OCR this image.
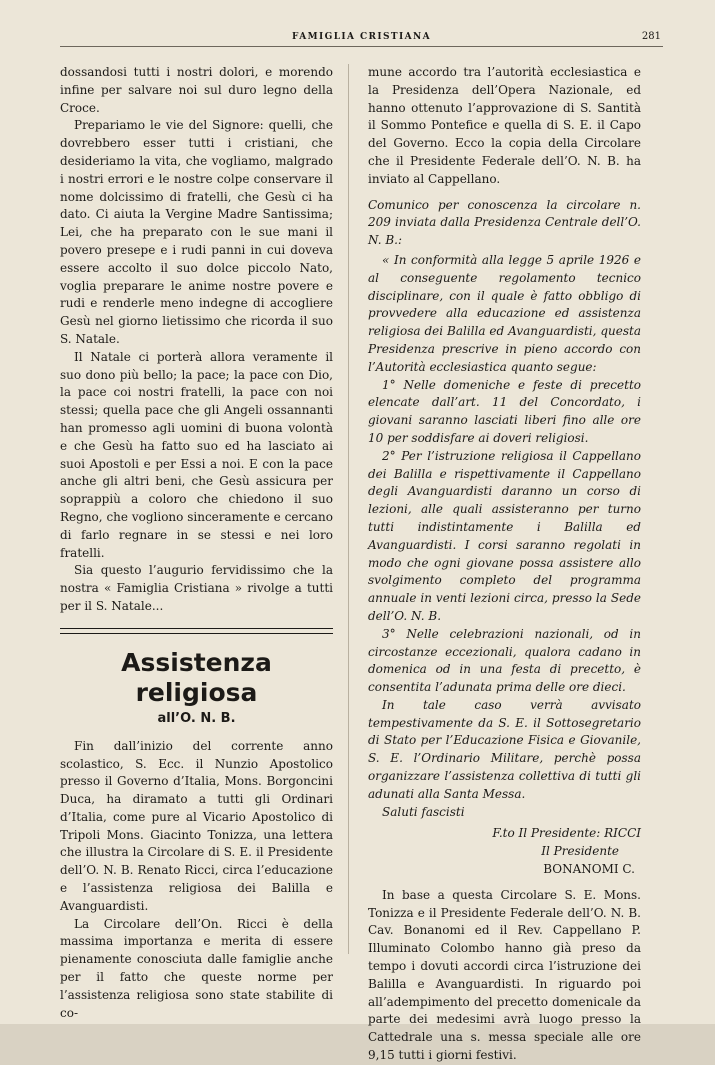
FAMIGLIA CRISTIANA	281

dossandosi tutti i nostri dolori, e morendo infine per salvare noi sul duro legno della Croce.

Prepariamo le vie del Signore: quelli, che dovrebbero esser tutti i cristiani, che desideriamo la vita, che vogliamo, malgrado i nostri errori e le nostre colpe conservare il nome dolcissimo di fratelli, che Gesù ci ha dato. Ci aiuta la Vergine Madre Santissima; Lei, che ha preparato con le sue mani il povero presepe e i rudi panni in cui doveva essere accolto il suo dolce piccolo Nato, voglia preparare le anime nostre povere e rudi e renderle meno indegne di accogliere Gesù nel giorno lietissimo che ricorda il suo S. Natale.

Il Natale ci porterà allora veramente il suo dono più bello; la pace; la pace con Dio, la pace coi nostri fratelli, la pace con noi stessi; quella pace che gli Angeli ossannanti han promesso agli uomini di buona volontà e che Gesù ha fatto suo ed ha lasciato ai suoi Apostoli e per Essi a noi. E con la pace anche gli altri beni, che Gesù assicura per soprappiù a coloro che chiedono il suo Regno, che vogliono sinceramente e cercano di farlo regnare in se stessi e nei loro fratelli.

Sia questo l’augurio fervidissimo che la nostra « Famiglia Cristiana » rivolge a tutti per il S. Natale...

Assistenza religiosa
all’O. N. B.

Fin dall’inizio del corrente anno scolastico, S. Ecc. il Nunzio Apostolico presso il Governo d’Italia, Mons. Borgoncini Duca, ha diramato a tutti gli Ordinari d’Italia, come pure al Vicario Apostolico di Tripoli Mons. Giacinto Tonizza, una lettera che illustra la Circolare di S. E. il Presidente dell’O. N. B. Renato Ricci, circa l’educazione e l’assistenza religiosa dei Balilla e Avanguardisti.

La Circolare dell’On. Ricci è della massima importanza e merita di essere pienamente conosciuta dalle famiglie anche per il fatto che queste norme per l’assistenza religiosa sono state stabilite di co-

mune accordo tra l’autorità ecclesiastica e la Presidenza dell’Opera Nazionale, ed hanno ottenuto l’approvazione di S. Santità il Sommo Pontefice e quella di S. E. il Capo del Governo. Ecco la copia della Circolare che il Presidente Federale dell’O. N. B. ha inviato al Cappellano.

Comunico per conoscenza la circolare n. 209 inviata dalla Presidenza Centrale dell’O. N. B.:

« In conformità alla legge 5 aprile 1926 e al conseguente regolamento tecnico disciplinare, con il quale è fatto obbligo di provvedere alla educazione ed assistenza religiosa dei Balilla ed Avanguardisti, questa Presidenza prescrive in pieno accordo con l’Autorità ecclesiastica quanto segue:

1° Nelle domeniche e feste di precetto elencate dall’art. 11 del Concordato, i giovani saranno lasciati liberi fino alle ore 10 per soddisfare ai doveri religiosi.

2° Per l’istruzione religiosa il Cappellano dei Balilla e rispettivamente il Cappellano degli Avanguardisti daranno un corso di lezioni, alle quali assisteranno per turno tutti indistintamente i Balilla ed Avanguardisti. I corsi saranno regolati in modo che ogni giovane possa assistere allo svolgimento completo del programma annuale in venti lezioni circa, presso la Sede dell’O. N. B.

3° Nelle celebrazioni nazionali, od in circostanze eccezionali, qualora cadano in domenica od in una festa di precetto, è consentita l’adunata prima delle ore dieci.

In tale caso verrà avvisato tempestivamente da S. E. il Sottosegretario di Stato per l’Educazione Fisica e Giovanile, S. E. l’Ordinario Militare, perchè possa organizzare l’assistenza collettiva di tutti gli adunati alla Santa Messa.

Saluti fascisti

F.to Il Presidente: RICCI

Il Presidente

BONANOMI C.

In base a questa Circolare S. E. Mons. Tonizza e il Presidente Federale dell’O. N. B. Cav. Bonanomi ed il Rev. Cappellano P. Illuminato Colombo hanno già preso da tempo i dovuti accordi circa l’istruzione dei Balilla e Avanguardisti. In riguardo poi all’adempimento del precetto domenicale da parte dei medesimi avrà luogo presso la Cattedrale una s. messa speciale alle ore 9,15 tutti i giorni festivi.
